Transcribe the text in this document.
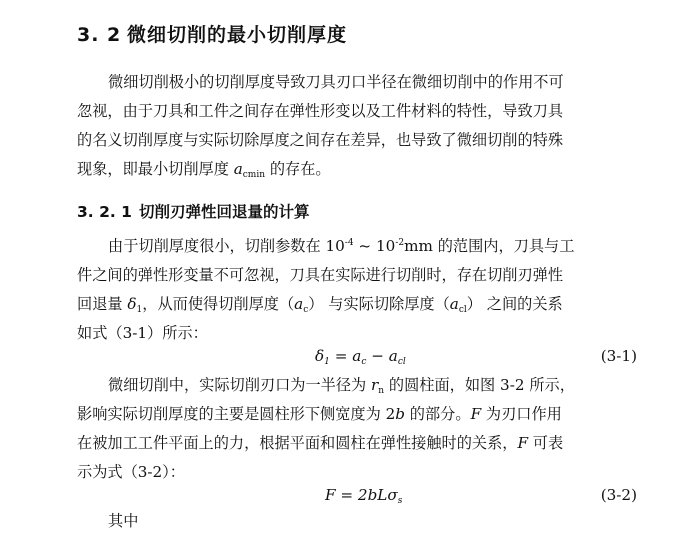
3. 2 微细切削的最小切削厚度
微细切削极小的切削厚度导致刀具刃口半径在微细切削中的作用不可
忽视，由于刀具和工件之间存在弹性形变以及工件材料的特性，导致刀具
的名义切削厚度与实际切除厚度之间存在差异，也导致了微细切削的特殊
现象，即最小切削厚度 $a_{cmin}$ 的存在。
3. 2. 1 切削刃弹性回退量的计算
由于切削厚度很小，切削参数在 $10^{-4}$ ~ $10^{-2}mm$ 的范围内，刀具与工
件之间的弹性形变量不可忽视，刀具在实际进行切削时，存在切削刃弹性
回退量 $\delta_1$，从而使得切削厚度$(a_c)$ 与实际切除厚度$(a_{cl})$ 之间的关系
如式（3-1）所示：
$\delta_1 = a_c - a_{cl}$	(3-1)
微细切削中，实际切削刃口为一半径为 $r_n$ 的圆柱面，如图 3-2 所示，
影响实际切削厚度的主要是圆柱形下侧宽度为 2b 的部分。F 为刃口作用
在被加工工件平面上的力，根据平面和圆柱在弹性接触时的关系，F 可表
示为式（3-2）：
F = 2bLσ$_s$	(3-2)
其中
